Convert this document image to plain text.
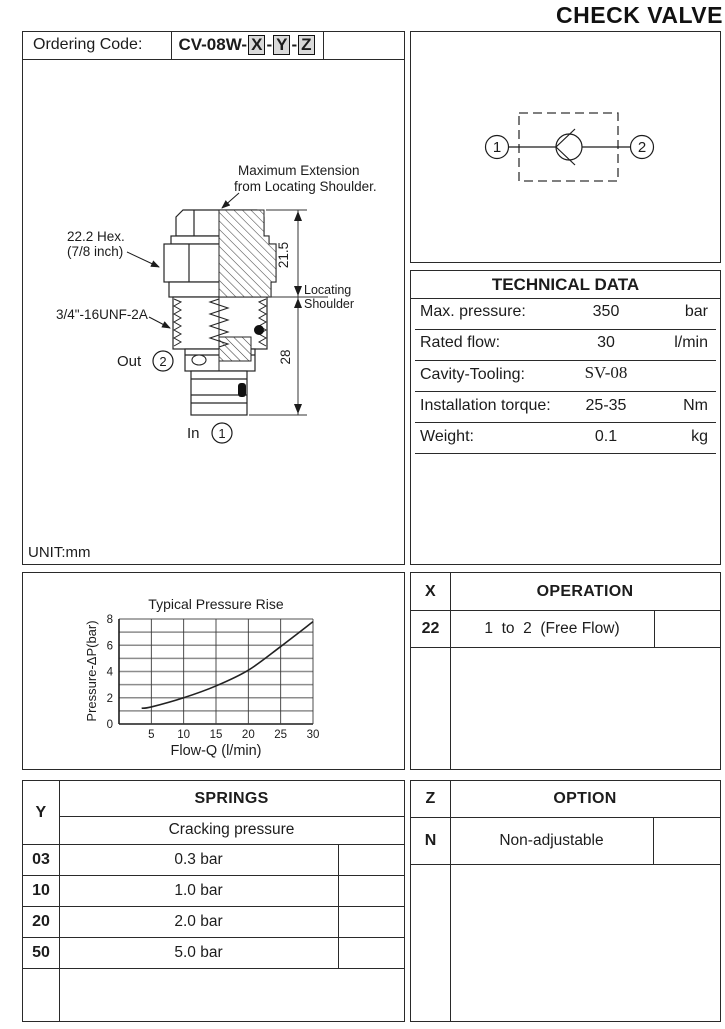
CHECK VALVE
Ordering Code:	CV-08W- X - Y - Z
21.5
28
Maximum Extension
from Locating Shoulder.
22.2 Hex.
(7/8 inch)
3/4"-16UNF-2A
Locating
Shoulder
Out 2
In 1
UNIT:mm
1	2
TECHNICAL DATA
Max. pressure:	350	bar
Rated flow:	30	l/min
Cavity-Tooling:	SV-08
Installation torque:	25-35	Nm
Weight:	0.1	kg
0
2
4
6
8
5 10 15 20 25 30
Typical Pressure Rise
Flow-Q (l/min)
Pressure-ΔP(bar)
X	OPERATION
22	1  to  2  (Free Flow)
Y
SPRINGS
Cracking pressure
03	0.3 bar
10	1.0 bar
20	2.0 bar
50	5.0 bar
Z	OPTION
N	Non-adjustable
